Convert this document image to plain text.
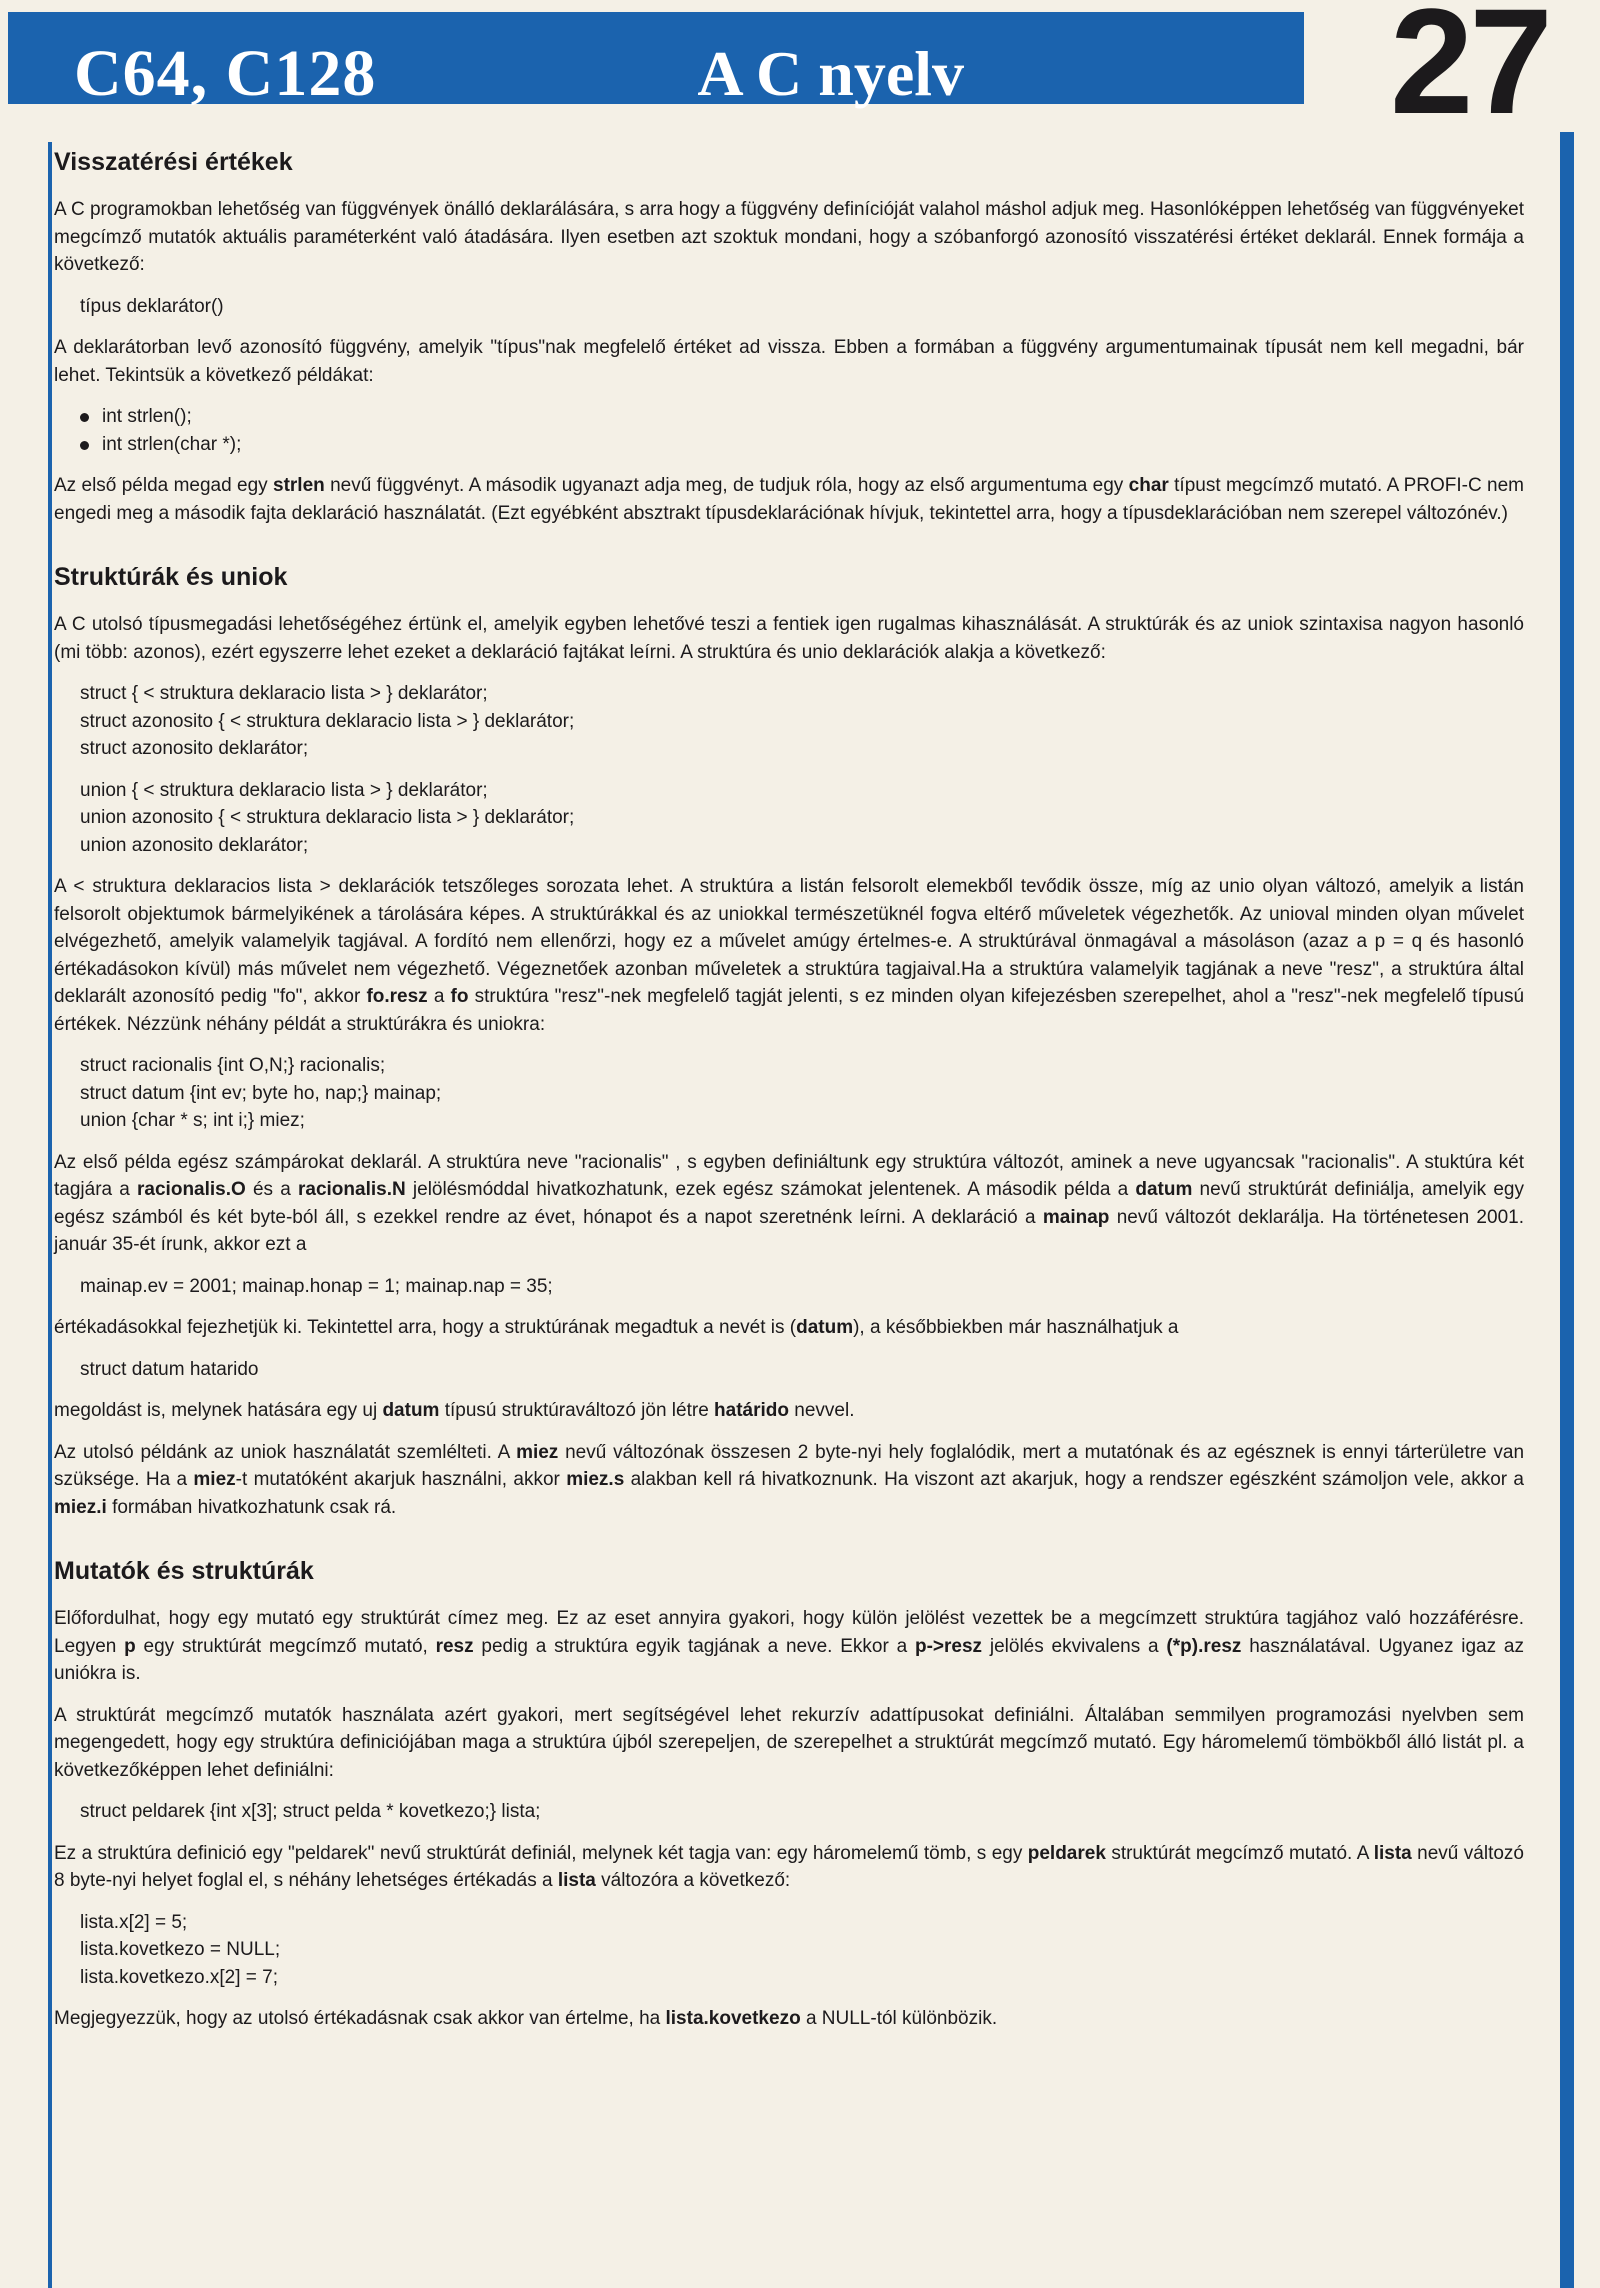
C64, C128	A C nyelv	27
Visszatérési értékek

A C programokban lehetőség van függvények önálló deklarálására, s arra hogy a függvény definícióját valahol máshol adjuk meg. Hasonlóképpen lehetőség van függvényeket megcímző mutatók aktuális paraméterként való átadására. Ilyen esetben azt szoktuk mondani, hogy a szóbanforgó azonosító visszatérési értéket deklarál. Ennek formája a következő:

típus deklarátor()

A deklarátorban levő azonosító függvény, amelyik "típus"nak megfelelő értéket ad vissza. Ebben a formában a függvény argumentumainak típusát nem kell megadni, bár lehet. Tekintsük a következő példákat:

int strlen();
int strlen(char *);

Az első példa megad egy strlen nevű függvényt. A második ugyanazt adja meg, de tudjuk róla, hogy az első argumentuma egy char típust megcímző mutató. A PROFI-C nem engedi meg a második fajta deklaráció használatát. (Ezt egyébként absztrakt típusdeklarációnak hívjuk, tekintettel arra, hogy a típusdeklarációban nem szerepel változónév.)

Struktúrák és uniok

A C utolsó típusmegadási lehetőségéhez értünk el, amelyik egyben lehetővé teszi a fentiek igen rugalmas kihasználását. A struktúrák és az uniok szintaxisa nagyon hasonló (mi több: azonos), ezért egyszerre lehet ezeket a deklaráció fajtákat leírni. A struktúra és unio deklarációk alakja a következő:

struct { < struktura deklaracio lista > } deklarátor;
struct azonosito { < struktura deklaracio lista > } deklarátor;
struct azonosito deklarátor;
union { < struktura deklaracio lista > } deklarátor;
union azonosito { < struktura deklaracio lista > } deklarátor;
union azonosito deklarátor;

A < struktura deklaracios lista > deklarációk tetszőleges sorozata lehet. A struktúra a listán felsorolt elemekből tevődik össze, míg az unio olyan változó, amelyik a listán felsorolt objektumok bármelyikének a tárolására képes. A struktúrákkal és az uniokkal természetüknél fogva eltérő műveletek végezhetők. Az unioval minden olyan művelet elvégezhető, amelyik valamelyik tagjával. A fordító nem ellenőrzi, hogy ez a művelet amúgy értelmes-e. A struktúrával önmagával a másoláson (azaz a p = q és hasonló értékadásokon kívül) más művelet nem végezhető. Végeznetőek azonban műveletek a struktúra tagjaival.Ha a struktúra valamelyik tagjának a neve "resz", a struktúra által deklarált azonosító pedig "fo", akkor fo.resz a fo struktúra "resz"-nek megfelelő tagját jelenti, s ez minden olyan kifejezésben szerepelhet, ahol a "resz"-nek megfelelő típusú értékek. Nézzünk néhány példát a struktúrákra és uniokra:

struct racionalis {int O,N;} racionalis;
struct datum {int ev; byte ho, nap;} mainap;
union {char * s; int i;} miez;

Az első példa egész számpárokat deklarál. A struktúra neve "racionalis" , s egyben definiáltunk egy struktúra változót, aminek a neve ugyancsak "racionalis". A stuktúra két tagjára a racionalis.O és a racionalis.N jelölésmóddal hivatkozhatunk, ezek egész számokat jelentenek. A második példa a datum nevű struktúrát definiálja, amelyik egy egész számból és két byte-ból áll, s ezekkel rendre az évet, hónapot és a napot szeretnénk leírni. A deklaráció a mainap nevű változót deklarálja. Ha történetesen 2001. január 35-ét írunk, akkor ezt a

mainap.ev = 2001; mainap.honap = 1; mainap.nap = 35;

értékadásokkal fejezhetjük ki. Tekintettel arra, hogy a struktúrának megadtuk a nevét is (datum), a későbbiekben már használhatjuk a

struct datum hatarido

megoldást is, melynek hatására egy uj datum típusú struktúraváltozó jön létre határido nevvel.

Az utolsó példánk az uniok használatát szemlélteti. A miez nevű változónak összesen 2 byte-nyi hely foglalódik, mert a mutatónak és az egésznek is ennyi tárterületre van szüksége. Ha a miez-t mutatóként akarjuk használni, akkor miez.s alakban kell rá hivatkoznunk. Ha viszont azt akarjuk, hogy a rendszer egészként számoljon vele, akkor a miez.i formában hivatkozhatunk csak rá.

Mutatók és struktúrák

Előfordulhat, hogy egy mutató egy struktúrát címez meg. Ez az eset annyira gyakori, hogy külön jelölést vezettek be a megcímzett struktúra tagjához való hozzáférésre. Legyen p egy struktúrát megcímző mutató, resz pedig a struktúra egyik tagjának a neve. Ekkor a p->resz jelölés ekvivalens a (*p).resz használatával. Ugyanez igaz az uniókra is.

A struktúrát megcímző mutatók használata azért gyakori, mert segítségével lehet rekurzív adattípusokat definiálni. Általában semmilyen programozási nyelvben sem megengedett, hogy egy struktúra definiciójában maga a struktúra újból szerepeljen, de szerepelhet a struktúrát megcímző mutató. Egy háromelemű tömbökből álló listát pl. a következőképpen lehet definiálni:

struct peldarek {int x[3]; struct pelda * kovetkezo;} lista;

Ez a struktúra definició egy "peldarek" nevű struktúrát definiál, melynek két tagja van: egy háromelemű tömb, s egy peldarek struktúrát megcímző mutató. A lista nevű változó 8 byte-nyi helyet foglal el, s néhány lehetséges értékadás a lista változóra a következő:

lista.x[2] = 5;
lista.kovetkezo = NULL;
lista.kovetkezo.x[2] = 7;

Megjegyezzük, hogy az utolsó értékadásnak csak akkor van értelme, ha lista.kovetkezo a NULL-tól különbözik.
